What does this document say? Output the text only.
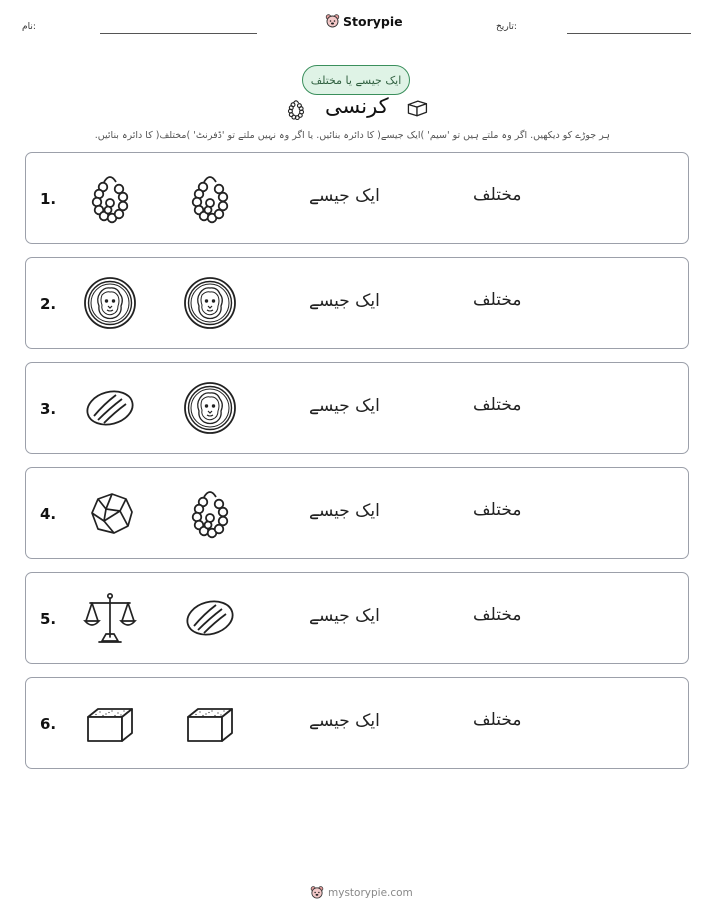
نام:	Storypie	تاریخ:
ایک جیسے یا مختلف
کرنسی
ہر جوڑے کو دیکھیں. اگر وہ ملتے ہیں تو 'سیم' )ایک جیسے( کا دائرہ بنائیں. یا اگر وہ نہیں ملتے تو 'ڈفرنٹ' )مختلف( کا دائرہ بنائیں.
1.	ایک جیسے	مختلف
2.	ایک جیسے	مختلف
3.	ایک جیسے	مختلف
4.	ایک جیسے	مختلف
5.	ایک جیسے	مختلف
6.	ایک جیسے	مختلف
mystorypie.com
